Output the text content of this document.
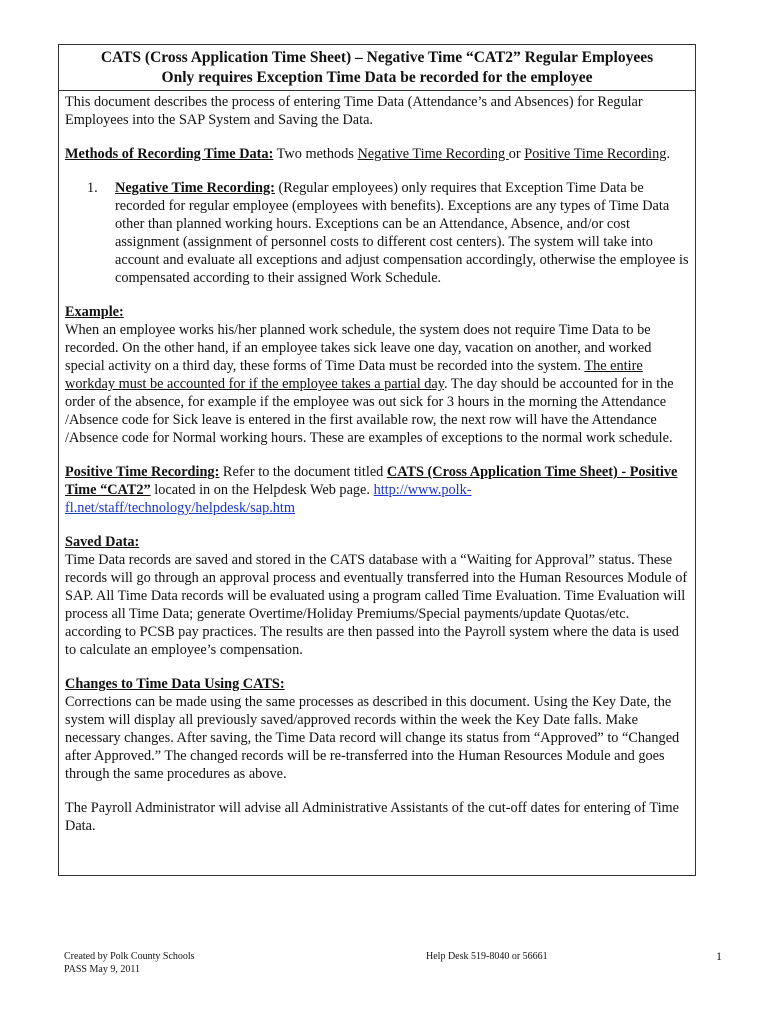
CATS (Cross Application Time Sheet) – Negative Time “CAT2” Regular Employees

Only requires Exception Time Data be recorded for the employee

This document describes the process of entering Time Data (Attendance’s and Absences) for Regular Employees into the SAP System and Saving the Data.

Methods of Recording Time Data: Two methods Negative Time Recording or Positive Time Recording.

1.	Negative Time Recording: (Regular employees) only requires that Exception Time Data be recorded for regular employee (employees with benefits). Exceptions are any types of Time Data other than planned working hours. Exceptions can be an Attendance, Absence, and/or cost assignment (assignment of personnel costs to different cost centers). The system will take into account and evaluate all exceptions and adjust compensation accordingly, otherwise the employee is compensated according to their assigned Work Schedule.

Example:

When an employee works his/her planned work schedule, the system does not require Time Data to be recorded. On the other hand, if an employee takes sick leave one day, vacation on another, and worked special activity on a third day, these forms of Time Data must be recorded into the system. The entire workday must be accounted for if the employee takes a partial day. The day should be accounted for in the order of the absence, for example if the employee was out sick for 3 hours in the morning the Attendance /Absence code for Sick leave is entered in the first available row, the next row will have the Attendance /Absence code for Normal working hours. These are examples of exceptions to the normal work schedule.

Positive Time Recording: Refer to the document titled CATS (Cross Application Time Sheet) - Positive Time “CAT2” located in on the Helpdesk Web page. http://www.polk-fl.net/staff/technology/helpdesk/sap.htm

Saved Data:

Time Data records are saved and stored in the CATS database with a “Waiting for Approval” status. These records will go through an approval process and eventually transferred into the Human Resources Module of SAP. All Time Data records will be evaluated using a program called Time Evaluation. Time Evaluation will process all Time Data; generate Overtime/Holiday Premiums/Special payments/update Quotas/etc. according to PCSB pay practices. The results are then passed into the Payroll system where the data is used to calculate an employee’s compensation.

Changes to Time Data Using CATS:

Corrections can be made using the same processes as described in this document. Using the Key Date, the system will display all previously saved/approved records within the week the Key Date falls. Make necessary changes. After saving, the Time Data record will change its status from “Approved” to “Changed after Approved.” The changed records will be re-transferred into the Human Resources Module and goes through the same procedures as above.

The Payroll Administrator will advise all Administrative Assistants of the cut-off dates for entering of Time Data.

Created by Polk County Schools
PASS May 9, 2011
Help Desk 519-8040 or 56661	1
